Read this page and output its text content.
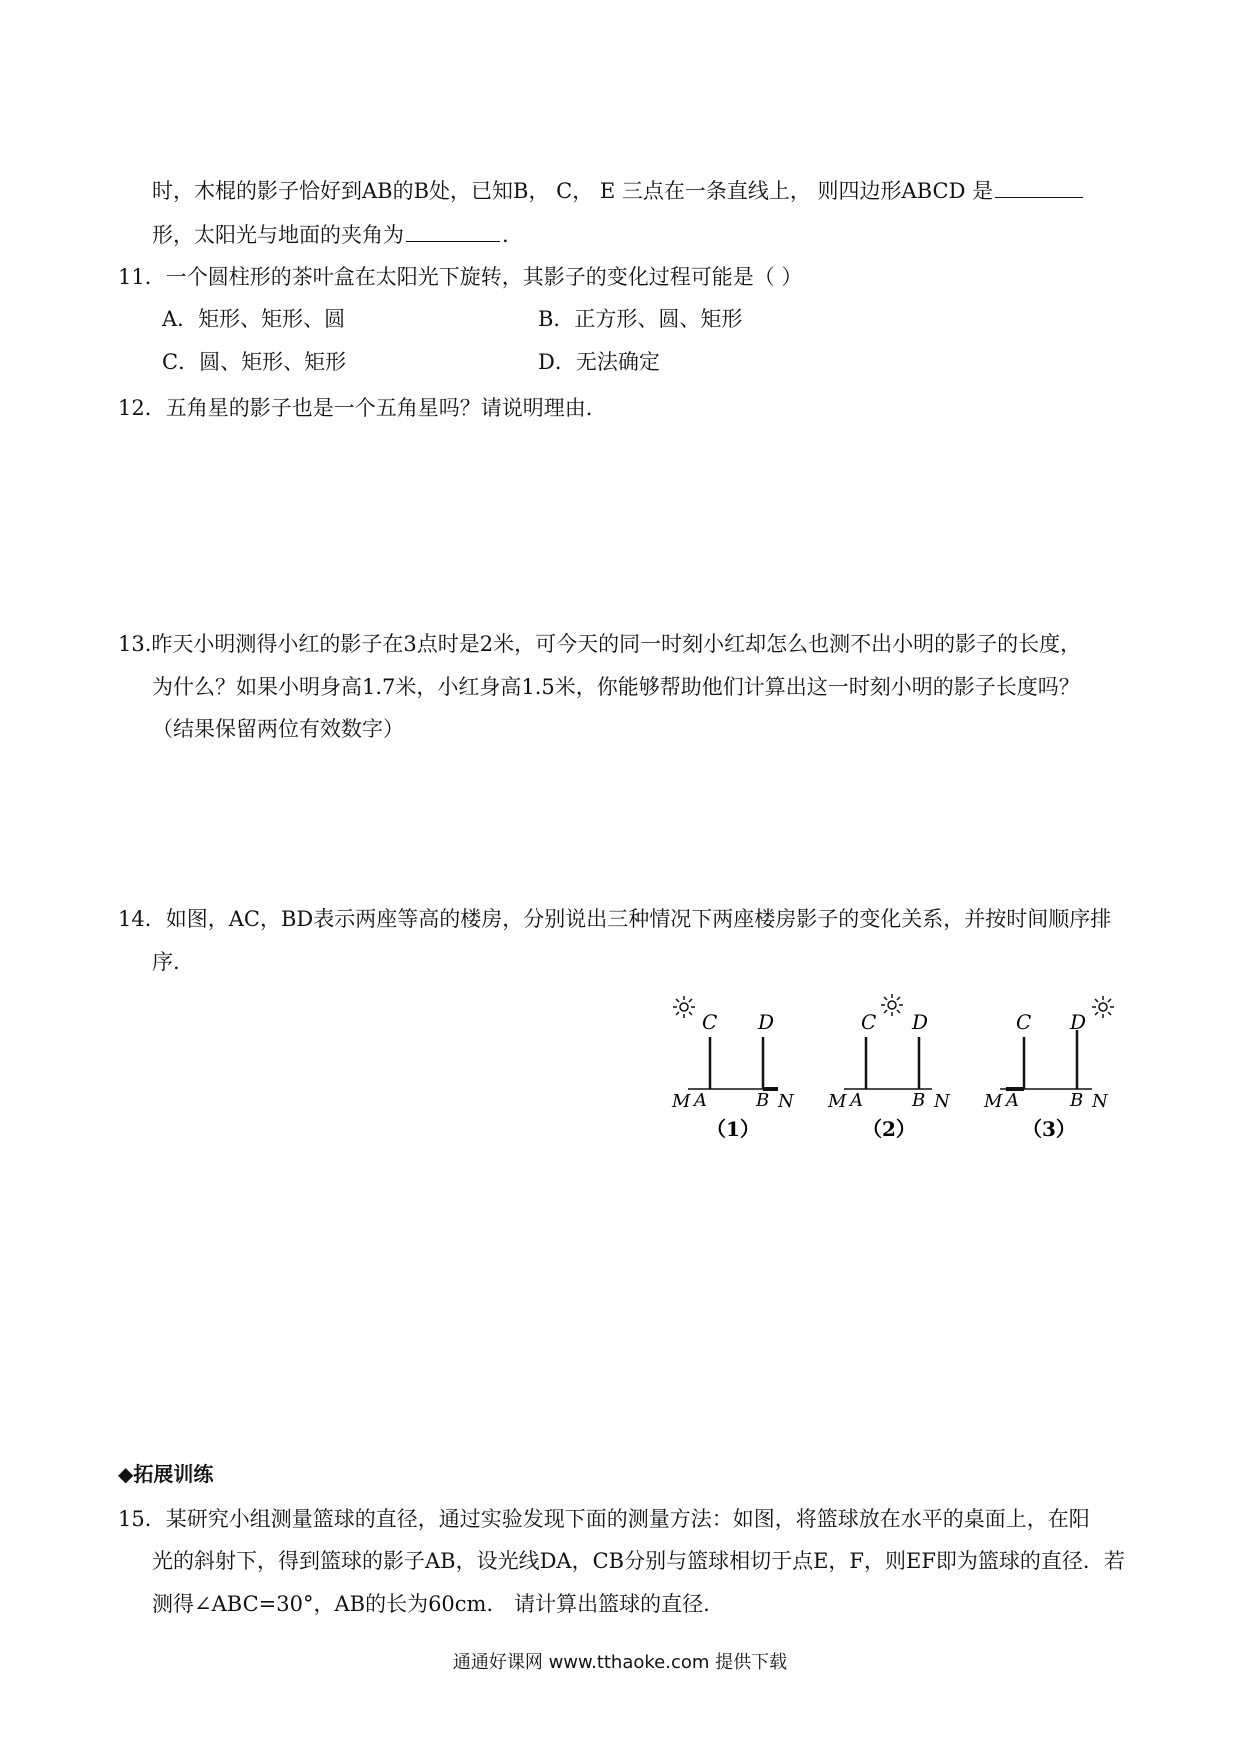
时，木棍的影子恰好到AB的B处，已知B， C， E 三点在一条直线上， 则四边形ABCD 是
形，太阳光与地面的夹角为	.
11．一个圆柱形的茶叶盒在太阳光下旋转，其影子的变化过程可能是（ ）
A．矩形、矩形、圆	B．正方形、圆、矩形
C．圆、矩形、矩形	D．无法确定
12．五角星的影子也是一个五角星吗？请说明理由.
13.昨天小明测得小红的影子在3点时是2米，可今天的同一时刻小红却怎么也测不出小明的影子的长度，
为什么？如果小明身高1.7米，小红身高1.5米，你能够帮助他们计算出这一时刻小明的影子长度吗？
（结果保留两位有效数字）
14．如图，AC，BD表示两座等高的楼房，分别说出三种情况下两座楼房影子的变化关系，并按时间顺序排
序.
C D
M A	B N
（1）
C D
M A	B N
（2）
C D
M A	B N
（3）
◆拓展训练
15．某研究小组测量篮球的直径，通过实验发现下面的测量方法：如图，将篮球放在水平的桌面上，在阳
光的斜射下，得到篮球的影子AB，设光线DA，CB分别与篮球相切于点E，F，则EF即为篮球的直径．若
测得∠ABC=30°，AB的长为60cm． 请计算出篮球的直径.
通通好课网 www.tthaoke.com 提供下载
